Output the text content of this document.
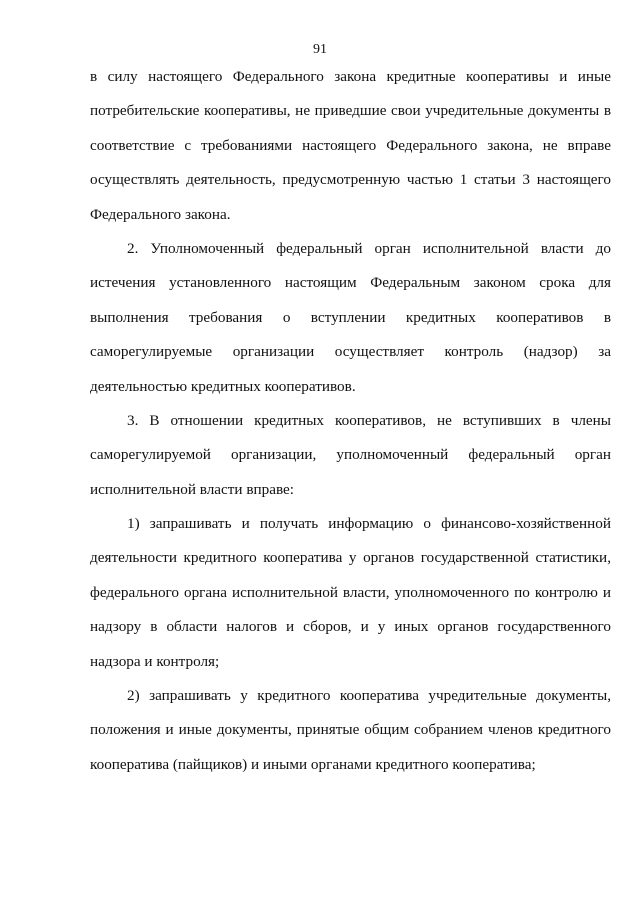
91

в силу настоящего Федерального закона кредитные кооперативы и иные
потребительские кооперативы, не приведшие свои учредительные документы в
соответствие с требованиями настоящего Федерального закона, не вправе
осуществлять деятельность, предусмотренную частью 1 статьи 3 настоящего
Федерального закона.

2. Уполномоченный федеральный орган исполнительной власти до
истечения установленного настоящим Федеральным законом срока для
выполнения требования о вступлении кредитных кооперативов в
саморегулируемые организации осуществляет контроль (надзор) за
деятельностью кредитных кооперативов.

3. В отношении кредитных кооперативов, не вступивших в члены
саморегулируемой организации, уполномоченный федеральный орган
исполнительной власти вправе:

1) запрашивать и получать информацию о финансово-хозяйственной
деятельности кредитного кооператива у органов государственной статистики,
федерального органа исполнительной власти, уполномоченного по контролю и
надзору в области налогов и сборов, и у иных органов государственного
надзора и контроля;

2) запрашивать у кредитного кооператива учредительные документы,
положения и иные документы, принятые общим собранием членов кредитного
кооператива (пайщиков) и иными органами кредитного кооператива;
